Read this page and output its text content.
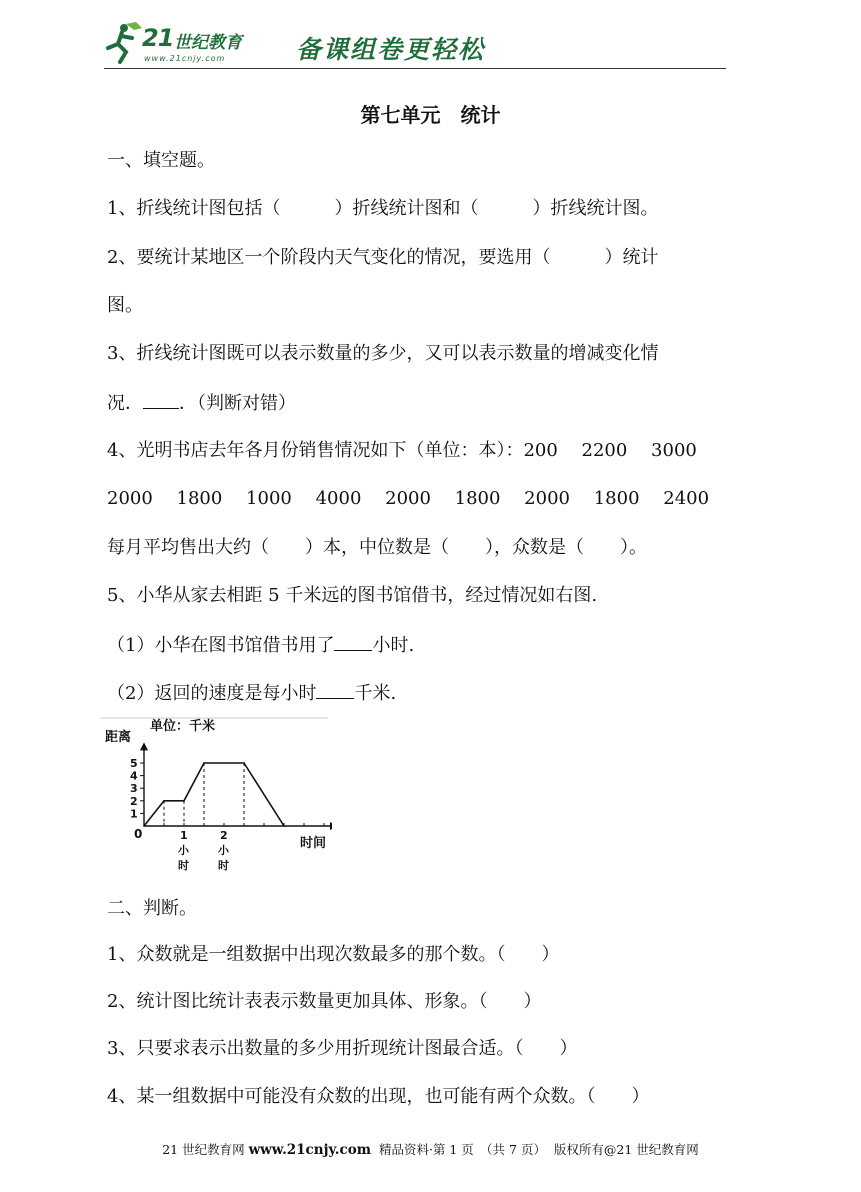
21 世纪教育
www.21cnjy.com	备课组卷更轻松
第七单元 统计
一、填空题。
1、折线统计图包括（　　　）折线统计图和（　　　）折线统计图。
2、要统计某地区一个阶段内天气变化的情况，要选用（　　　）统计
图。
3、折线统计图既可以表示数量的多少，又可以表示数量的增减变化情
况． ．（判断对错）
4、光明书店去年各月份销售情况如下（单位：本）：200　 2200　 3000
2000　 1800　 1000　 4000　 2000　 1800　 2000　 1800　 2400
每月平均售出大约（　　）本，中位数是（　　），众数是（　　）。
5、小华从家去相距 5 千米远的图书馆借书，经过情况如右图.
（1）小华在图书馆借书用了 小时.
（2）返回的速度是每小时 千米.
距离
单位：千米
时间
0
1
2
3
4
5
1
小
时
2
小
时
二、判断。
1、众数就是一组数据中出现次数最多的那个数。（　　）
2、统计图比统计表表示数量更加具体、形象。（　　）
3、只要求表示出数量的多少用折现统计图最合适。（　　）
4、某一组数据中可能没有众数的出现，也可能有两个众数。（　　）
21 世纪教育网 www.21cnjy.com 精品资料·第 1 页　（共 7 页） 版权所有@21 世纪教育网
